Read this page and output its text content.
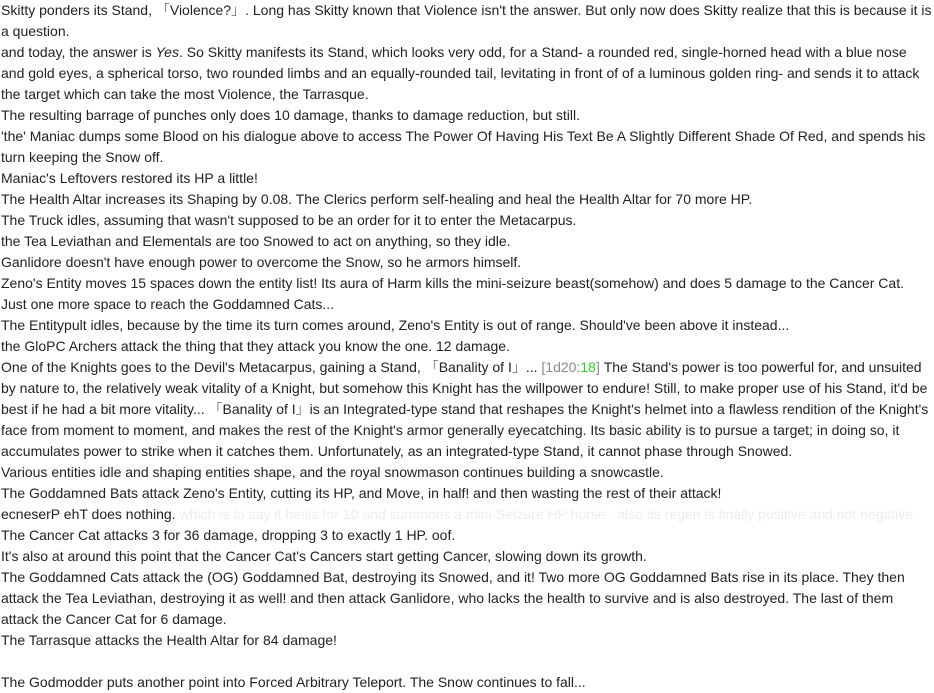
Skitty ponders its Stand, 「Violence?」. Long has Skitty known that Violence isn't the answer. But only now does Skitty realize that this is because it is a question.
and today, the answer is Yes. So Skitty manifests its Stand, which looks very odd, for a Stand- a rounded red, single-horned head with a blue nose and gold eyes, a spherical torso, two rounded limbs and an equally-rounded tail, levitating in front of of a luminous golden ring- and sends it to attack the target which can take the most Violence, the Tarrasque.
The resulting barrage of punches only does 10 damage, thanks to damage reduction, but still.
'the' Maniac dumps some Blood on his dialogue above to access The Power Of Having His Text Be A Slightly Different Shade Of Red, and spends his turn keeping the Snow off.
Maniac's Leftovers restored its HP a little!
The Health Altar increases its Shaping by 0.08. The Clerics perform self-healing and heal the Health Altar for 70 more HP.
The Truck idles, assuming that wasn't supposed to be an order for it to enter the Metacarpus.
the Tea Leviathan and Elementals are too Snowed to act on anything, so they idle.
Ganlidore doesn't have enough power to overcome the Snow, so he armors himself.
Zeno's Entity moves 15 spaces down the entity list! Its aura of Harm kills the mini-seizure beast(somehow) and does 5 damage to the Cancer Cat. Just one more space to reach the Goddamned Cats...
The Entitypult idles, because by the time its turn comes around, Zeno's Entity is out of range. Should've been above it instead...
the GloPC Archers attack the thing that they attack you know the one. 12 damage.
One of the Knights goes to the Devil's Metacarpus, gaining a Stand, 「Banality of I」... [1d20:18] The Stand's power is too powerful for, and unsuited by nature to, the relatively weak vitality of a Knight, but somehow this Knight has the willpower to endure! Still, to make proper use of his Stand, it'd be best if he had a bit more vitality... 「Banality of I」is an Integrated-type stand that reshapes the Knight's helmet into a flawless rendition of the Knight's face from moment to moment, and makes the rest of the Knight's armor generally eyecatching. Its basic ability is to pursue a target; in doing so, it accumulates power to strike when it catches them. Unfortunately, as an integrated-type Stand, it cannot phase through Snowed.
Various entities idle and shaping entities shape, and the royal snowmason continues building a snowcastle.
The Goddamned Bats attack Zeno's Entity, cutting its HP, and Move, in half! and then wasting the rest of their attack!
ecneserP ehT does nothing. which is to say it heals for 10 and summons a mini-Seizure HP horse . also its regen is finally positive and not negative.
The Cancer Cat attacks 3 for 36 damage, dropping 3 to exactly 1 HP. oof.
It's also at around this point that the Cancer Cat's Cancers start getting Cancer, slowing down its growth.
The Goddamned Cats attack the (OG) Goddamned Bat, destroying its Snowed, and it! Two more OG Goddamned Bats rise in its place. They then attack the Tea Leviathan, destroying it as well! and then attack Ganlidore, who lacks the health to survive and is also destroyed. The last of them attack the Cancer Cat for 6 damage.
The Tarrasque attacks the Health Altar for 84 damage!
The Godmodder puts another point into Forced Arbitrary Teleport. The Snow continues to fall...
